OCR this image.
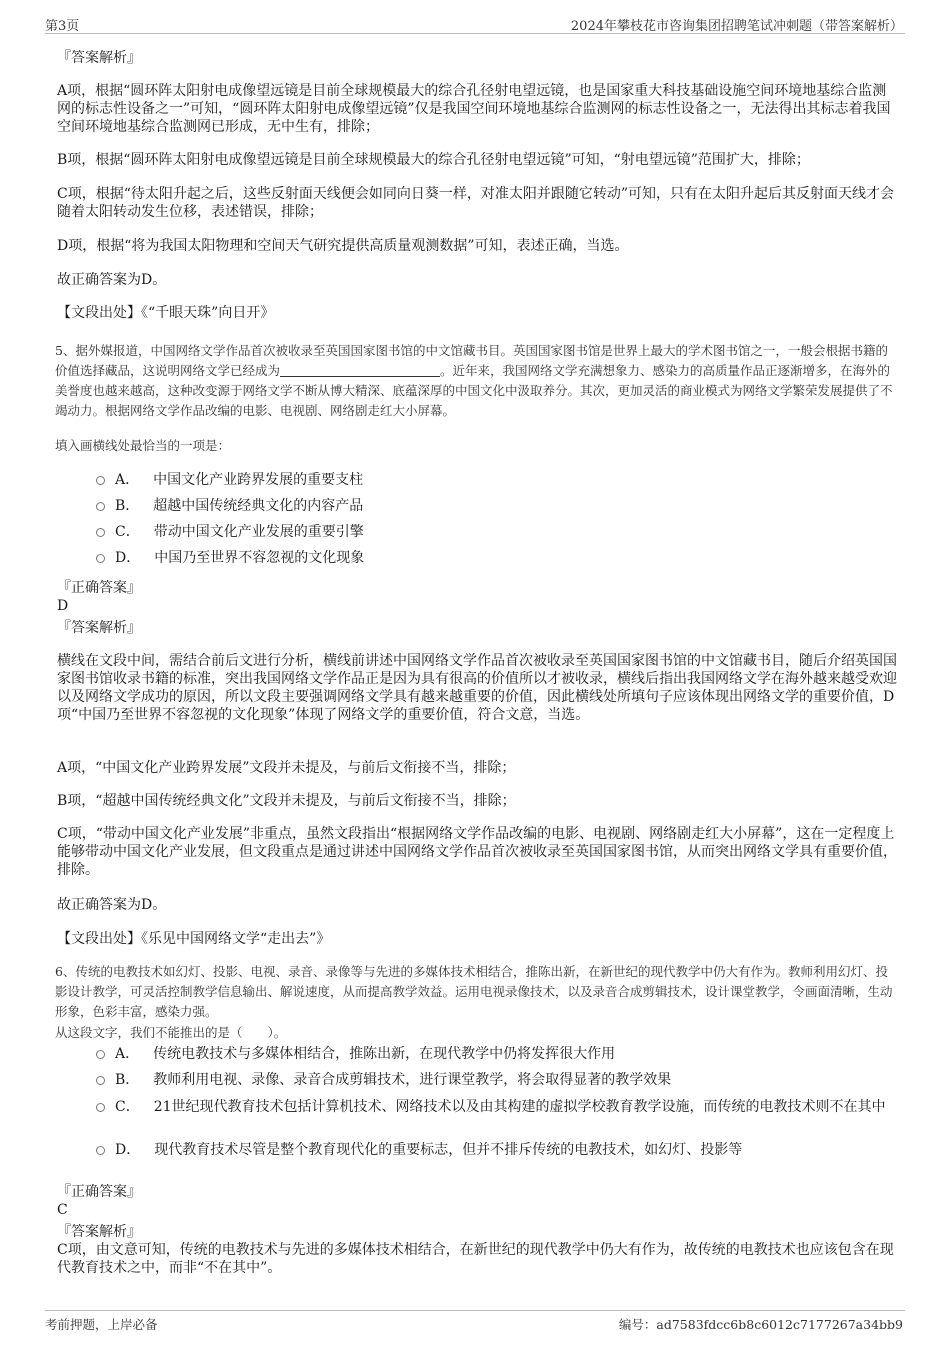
第3页	2024年攀枝花市咨询集团招聘笔试冲刺题（带答案解析）
『答案解析』
A项，根据“圆环阵太阳射电成像望远镜是目前全球规模最大的综合孔径射电望远镜，也是国家重大科技基础设施空间环境地基综合监测网的标志性设备之一”可知，“圆环阵太阳射电成像望远镜”仅是我国空间环境地基综合监测网的标志性设备之一，无法得出其标志着我国空间环境地基综合监测网已形成，无中生有，排除；
B项，根据“圆环阵太阳射电成像望远镜是目前全球规模最大的综合孔径射电望远镜”可知，“射电望远镜”范围扩大，排除；
C项，根据“待太阳升起之后，这些反射面天线便会如同向日葵一样，对准太阳并跟随它转动”可知，只有在太阳升起后其反射面天线才会随着太阳转动发生位移，表述错误，排除；
D项，根据“将为我国太阳物理和空间天气研究提供高质量观测数据”可知，表述正确，当选。
故正确答案为D。
【文段出处】《“千眼天珠”向日开》
5、据外媒报道，中国网络文学作品首次被收录至英国国家图书馆的中文馆藏书目。英国国家图书馆是世界上最大的学术图书馆之一，一般会根据书籍的价值选择藏品，这说明网络文学已经成为	。近年来，我国网络文学充满想象力、感染力的高质量作品正逐渐增多，在海外的美誉度也越来越高，这种改变源于网络文学不断从博大精深、底蕴深厚的中国文化中汲取养分。其次，更加灵活的商业模式为网络文学繁荣发展提供了不竭动力。根据网络文学作品改编的电影、电视剧、网络剧走红大小屏幕。
填入画横线处最恰当的一项是：
A． 中国文化产业跨界发展的重要支柱
B． 超越中国传统经典文化的内容产品
C． 带动中国文化产业发展的重要引擎
D． 中国乃至世界不容忽视的文化现象
『正确答案』
D
『答案解析』
横线在文段中间，需结合前后文进行分析，横线前讲述中国网络文学作品首次被收录至英国国家图书馆的中文馆藏书目，随后介绍英国国家图书馆收录书籍的标准，突出我国网络文学作品正是因为具有很高的价值所以才被收录，横线后指出我国网络文学在海外越来越受欢迎以及网络文学成功的原因，所以文段主要强调网络文学具有越来越重要的价值，因此横线处所填句子应该体现出网络文学的重要价值，D项“中国乃至世界不容忽视的文化现象”体现了网络文学的重要价值，符合文意，当选。
A项，“中国文化产业跨界发展”文段并未提及，与前后文衔接不当，排除；
B项，“超越中国传统经典文化”文段并未提及，与前后文衔接不当，排除；
C项，“带动中国文化产业发展”非重点，虽然文段指出“根据网络文学作品改编的电影、电视剧、网络剧走红大小屏幕”，这在一定程度上能够带动中国文化产业发展，但文段重点是通过讲述中国网络文学作品首次被收录至英国国家图书馆，从而突出网络文学具有重要价值，排除。
故正确答案为D。
【文段出处】《乐见中国网络文学“走出去”》
6、传统的电教技术如幻灯、投影、电视、录音、录像等与先进的多媒体技术相结合，推陈出新，在新世纪的现代教学中仍大有作为。教师利用幻灯、投影设计教学，可灵活控制教学信息输出、解说速度，从而提高教学效益。运用电视录像技术，以及录音合成剪辑技术，设计课堂教学，令画面清晰，生动形象，色彩丰富，感染力强。
从这段文字，我们不能推出的是（　　）。
A． 传统电教技术与多媒体相结合，推陈出新，在现代教学中仍将发挥很大作用
B． 教师利用电视、录像、录音合成剪辑技术，进行课堂教学，将会取得显著的教学效果
C． 21世纪现代教育技术包括计算机技术、网络技术以及由其构建的虚拟学校教育教学设施，而传统的电教技术则不在其中
D． 现代教育技术尽管是整个教育现代化的重要标志，但并不排斥传统的电教技术，如幻灯、投影等
『正确答案』
C
『答案解析』
C项，由文意可知，传统的电教技术与先进的多媒体技术相结合，在新世纪的现代教学中仍大有作为，故传统的电教技术也应该包含在现代教育技术之中，而非“不在其中”。
考前押题，上岸必备	编号：ad7583fdcc6b8c6012c7177267a34bb9
